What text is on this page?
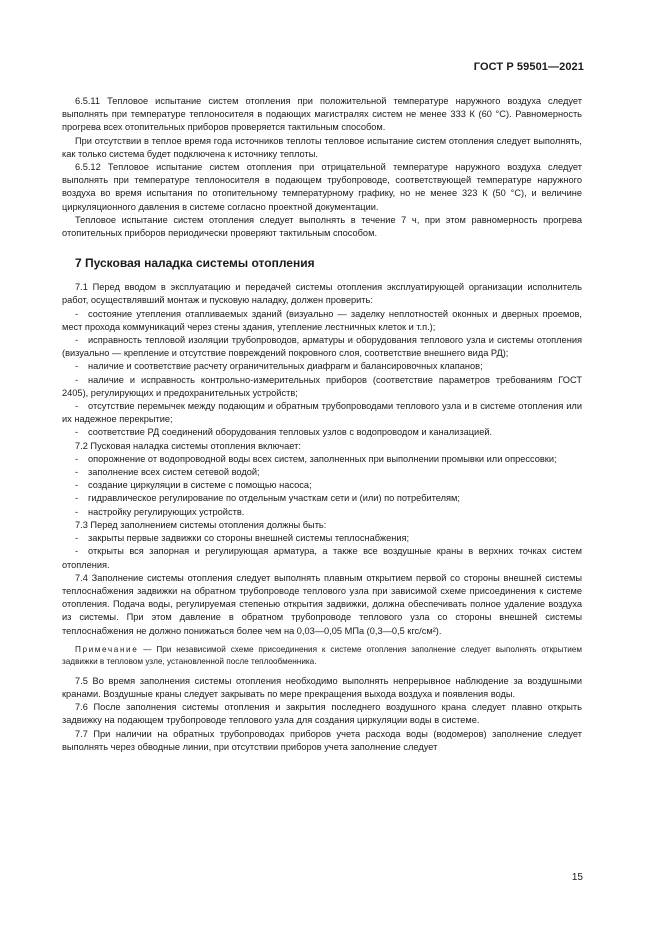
ГОСТ Р 59501—2021

6.5.11 Тепловое испытание систем отопления при положительной температуре наружного воздуха следует выполнять при температуре теплоносителя в подающих магистралях систем не менее 333 К (60 °С). Равномерность прогрева всех отопительных приборов проверяется тактильным способом.

При отсутствии в теплое время года источников теплоты тепловое испытание систем отопления следует выполнять, как только система будет подключена к источнику теплоты.

6.5.12 Тепловое испытание систем отопления при отрицательной температуре наружного воздуха следует выполнять при температуре теплоносителя в подающем трубопроводе, соответствующей температуре наружного воздуха во время испытания по отопительному температурному графику, но не менее 323 К (50 °С), и величине циркуляционного давления в системе согласно проектной документации.

Тепловое испытание систем отопления следует выполнять в течение 7 ч, при этом равномерность прогрева отопительных приборов периодически проверяют тактильным способом.

7 Пусковая наладка системы отопления

7.1 Перед вводом в эксплуатацию и передачей системы отопления эксплуатирующей организации исполнитель работ, осуществлявший монтаж и пусковую наладку, должен проверить:

- состояние утепления отапливаемых зданий (визуально — заделку неплотностей оконных и дверных проемов, мест прохода коммуникаций через стены здания, утепление лестничных клеток и т.п.);

- исправность тепловой изоляции трубопроводов, арматуры и оборудования теплового узла и системы отопления (визуально — крепление и отсутствие повреждений покровного слоя, соответствие внешнего вида РД);

- наличие и соответствие расчету ограничительных диафрагм и балансировочных клапанов;

- наличие и исправность контрольно-измерительных приборов (соответствие параметров требованиям ГОСТ 2405), регулирующих и предохранительных устройств;

- отсутствие перемычек между подающим и обратным трубопроводами теплового узла и в системе отопления или их надежное перекрытие;

- соответствие РД соединений оборудования тепловых узлов с водопроводом и канализацией.

7.2 Пусковая наладка системы отопления включает:

- опорожнение от водопроводной воды всех систем, заполненных при выполнении промывки или опрессовки;

- заполнение всех систем сетевой водой;

- создание циркуляции в системе с помощью насоса;

- гидравлическое регулирование по отдельным участкам сети и (или) по потребителям;

- настройку регулирующих устройств.

7.3 Перед заполнением системы отопления должны быть:

- закрыты первые задвижки со стороны внешней системы теплоснабжения;

- открыты вся запорная и регулирующая арматура, а также все воздушные краны в верхних точках систем отопления.

7.4 Заполнение системы отопления следует выполнять плавным открытием первой со стороны внешней системы теплоснабжения задвижки на обратном трубопроводе теплового узла при зависимой схеме присоединения к системе отопления. Подача воды, регулируемая степенью открытия задвижки, должна обеспечивать полное удаление воздуха из системы. При этом давление в обратном трубопроводе теплового узла со стороны внешней системы теплоснабжения не должно понижаться более чем на 0,03—0,05 МПа (0,3—0,5 кгс/см²).

Примечание — При независимой схеме присоединения к системе отопления заполнение следует выполнять открытием задвижки в тепловом узле, установленной после теплообменника.

7.5 Во время заполнения системы отопления необходимо выполнять непрерывное наблюдение за воздушными кранами. Воздушные краны следует закрывать по мере прекращения выхода воздуха и появления воды.

7.6 После заполнения системы отопления и закрытия последнего воздушного крана следует плавно открыть задвижку на подающем трубопроводе теплового узла для создания циркуляции воды в системе.

7.7 При наличии на обратных трубопроводах приборов учета расхода воды (водомеров) заполнение следует выполнять через обводные линии, при отсутствии приборов учета заполнение следует

15
